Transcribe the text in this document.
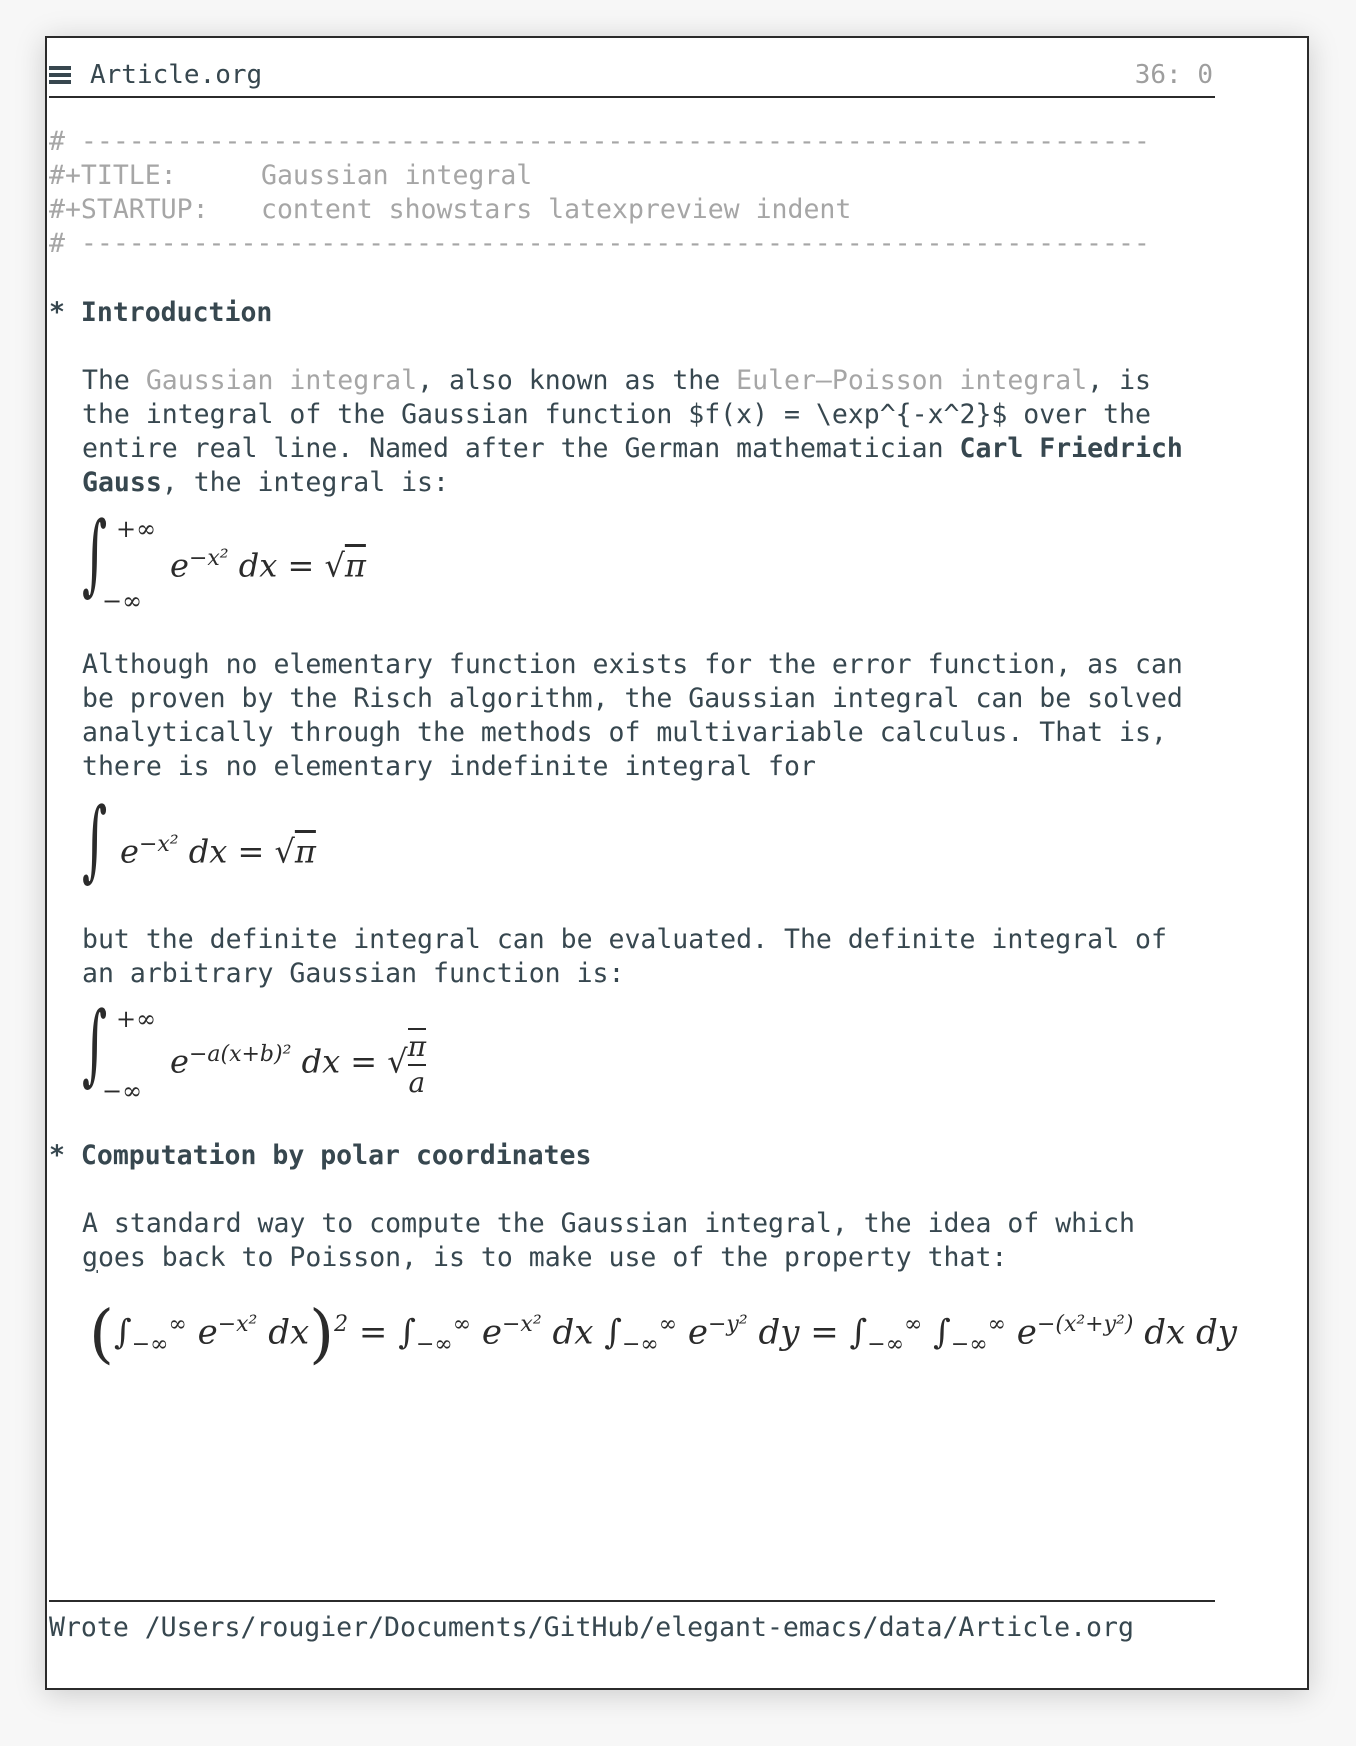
Article.org	36: 0
# -------------------------------------------------------------------
#+TITLE:	Gaussian integral
#+STARTUP: content showstars latexpreview indent
# -------------------------------------------------------------------
* Introduction
The Gaussian integral, also known as the Euler—Poisson integral, is
the integral of the Gaussian function $f(x) = \exp^{-x^2}$ over the
entire real line. Named after the German mathematician Carl Friedrich
Gauss, the integral is:
∫ +∞
−∞
$e^{-x^2}$ dx = √π
Although no elementary function exists for the error function, as can
be proven by the Risch algorithm, the Gaussian integral can be solved
analytically through the methods of multivariable calculus. That is,
there is no elementary indefinite integral for
∫ $e^{-x^2}$ dx = √π
but the definite integral can be evaluated. The definite integral of
an arbitrary Gaussian function is:
∫ +∞
−∞
$e^{-a(x+b)^2}$ dx = √ $\frac{\pi}{a}$
* Computation by polar coordinates
A standard way to compute the Gaussian integral, the idea of which
goes back to Poisson, is to make use of the property that:
($\int_{-\infty}^\infty$ $e^{-x^2}$ $dx)^2 = \int_{-\infty}^\infty$ $e^{-x^2}$ dx $\int_{-\infty}^\infty$ $e^{-y^2}$ dy = $\int_{-\infty}^\infty$ $\int_{-\infty}^\infty$ $e^{-(x^2+y^2)}$ dx dy
Wrote /Users/rougier/Documents/GitHub/elegant-emacs/data/Article.org
